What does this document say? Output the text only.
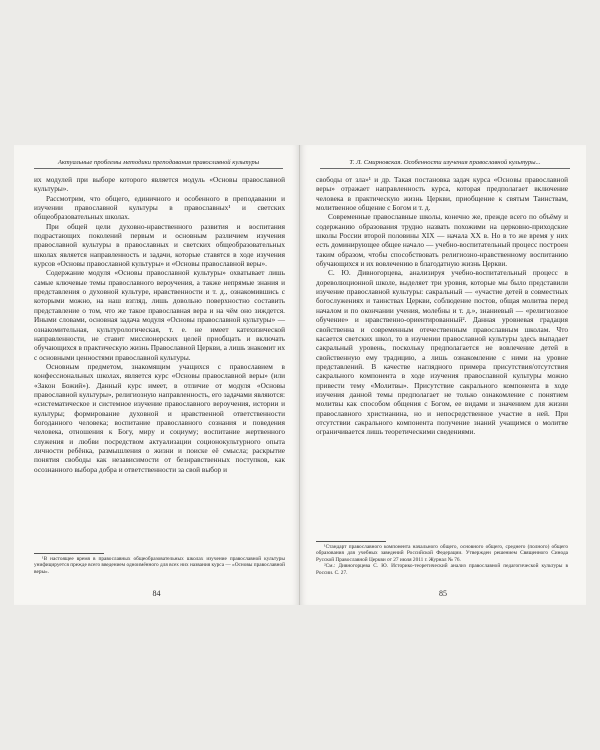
Актуальные проблемы методики преподавания православной культуры

их модулей при выборе которого является модуль «Основы православной культуры».

Рассмотрим, что общего, единичного и особенного в преподавании и изучении православной культуры в православных¹ и светских общеобразовательных школах.

При общей цели духовно-нравственного развития и воспитания подрастающих поколений первым и основным различием изучения православной культуры в православных и светских общеобразовательных школах является направленность и задачи, которые ставятся в ходе изучения курсов «Основы православной культуры» и «Основы православной веры».

Содержание модуля «Основы православной культуры» охватывает лишь самые ключевые темы православного вероучения, а также непрямые знания и представления о духовной культуре, нравственности и т. д., ознакомившись с которыми можно, на наш взгляд, лишь довольно поверхностно составить представление о том, что же такое православная вера и на чём оно зиждется. Иными словами, основная задача модуля «Основы православной культуры» — ознакомительная, культурологическая, т. е. не имеет катехизической направленности, не ставит миссионерских целей приобщать и включать обучающихся в практическую жизнь Православной Церкви, а лишь знакомит их с основными ценностями православной культуры.

Основным предметом, знакомящим учащихся с православием в конфессиональных школах, является курс «Основы православной веры» (или «Закон Божий»). Данный курс имеет, в отличие от модуля «Основы православной культуры», религиозную направленность, его задачами являются: «систематическое и системное изучение православного вероучения, истории и культуры; формирование духовной и нравственной ответственности богоданного человека; воспитание православного сознания и поведения человека, отношения к Богу, миру и социуму; воспитание жертвенного служения и любви посредством актуализации соционокультурного опыта личности ребёнка, размышления о жизни и поиске её смысла; раскрытие понятия свободы как независимости от безнравственных поступков, как осознанного выбора добра и ответственности за свой выбор и

¹В настоящее время в православных общеобразовательных школах изучение православной культуры унифицируется прежде всего введением одноимённого для всех них названия курса — «Основы православной веры».

84
Т. Л. Смирновская. Особенности изучения православной культуры...

свободы от зла»¹ и др. Такая постановка задач курса «Основы православной веры» отражает направленность курса, которая предполагает включение человека в практическую жизнь Церкви, приобщение к святым Таинствам, молитвенное общение с Богом и т. д.

Современные православные школы, конечно же, прежде всего по объёму и содержанию образования трудно назвать похожими на церковно-приходские школы России второй половины XIX — начала XX в. Но в то же время у них есть доминирующее общее начало — учебно-воспитательный процесс построен таким образом, чтобы способствовать религиозно-нравственному воспитанию обучающихся и их вовлечению в благодатную жизнь Церкви.

С. Ю. Дивногорцева, анализируя учебно-воспитательный процесс в дореволюционной школе, выделяет три уровня, которые мы было представили изучение православной культуры: сакральный — «участие детей в совместных богослужениях и таинствах Церкви, соблюдение постов, общая молитва перед началом и по окончании учения, молебны и т. д.», знаниевый — «религиозное обучение» и нравственно-ориентированный². Данная уровневая градация свойственна и современным отечественным православным школам. Что касается светских школ, то в изучении православной культуры здесь выпадает сакральный уровень, поскольку предполагается не вовлечение детей в свойственную ему традицию, а лишь ознакомление с ними на уровне представлений. В качестве наглядного примера присутствия/отсутствия сакрального компонента в ходе изучения православной культуры можно привести тему «Молитвы». Присутствие сакрального компонента в ходе изучения данной темы предполагает не только ознакомление с понятием молитвы как способом общения с Богом, ее видами и значением для жизни православного христианина, но и непосредственное участие в ней. При отсутствии сакрального компонента получение знаний учащимся о молитве ограничивается лишь теоретическими сведениями.

¹Стандарт православного компонента начального общего, основного общего, среднего (полного) общего образования для учебных заведений Российской Федерации. Утвержден решением Священного Синода Русской Православной Церкви от 27 июля 2011 г. Журнал № 76.

²См.: Дивногорцева С. Ю. Историко-теоретический анализ православной педагогической культуры в России. С. 27.

85
